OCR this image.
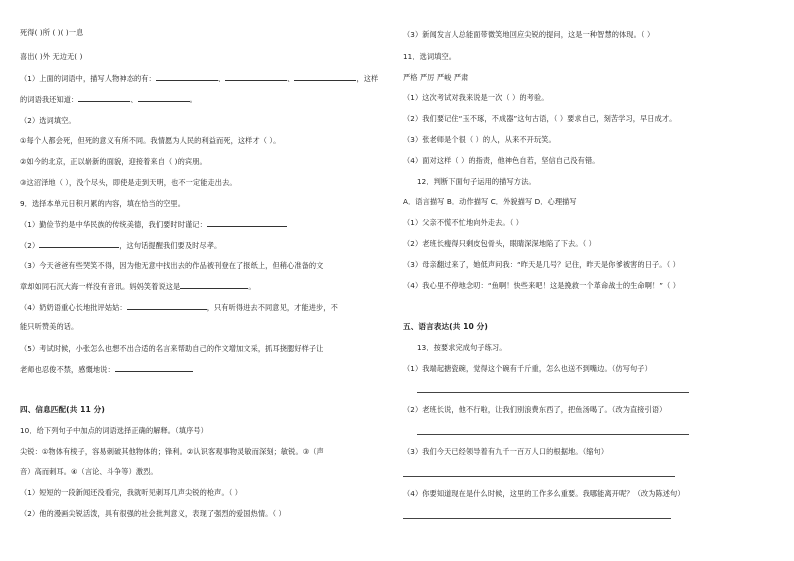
死得( )所 ( )( )一息
喜出( )外 无边无( )
（1）上面的词语中，描写人物神态的有：	、	、	，这样
的词语我还知道：	、	。
（2）选词填空。
①每个人都会死，但死的意义有所不同。我情愿为人民的利益而死，这样才（ ）。
②如今的北京，正以崭新的面貌，迎接着来自（ )的宾朋。
③这沼泽地（ ），没个尽头，即使是走到天明，也不一定能走出去。
9．选择本单元日积月累的内容，填在恰当的空里。
（1）勤俭节约是中华民族的传统美德，我们要时时谨记：
（2）	，这句话提醒我们要及时尽孝。
（3）今天爸爸有些哭笑不得，因为他无意中找出去的作品被刊登在了报纸上，但稍心准备的文
章却如同石沉大海一样没有音讯。妈妈笑着说这是	。
（4）奶奶语重心长地批评姑姑：	，只有听得进去不同意见，才能进步，不
能只听赞美的话。
（5）考试时候，小张怎么也想不出合适的名言来帮助自己的作文增加文采，抓耳挠腮好样子让
老师也忍俊不禁，感慨地说：
四、信息匹配(共 11 分)
10．给下列句子中加点的词语选择正确的解释。（填序号）
尖锐：①物体有棱子，容易刺破其他物体的；锋利。②认识客观事物灵敏而深刻；敏锐。③（声
音）高而刺耳。④（言论、斗争等）激烈。
（1）短短的一段新闻还没看完，我就听见刺耳几声尖锐的枪声。（ ）
（2）他的漫画尖锐活泼，具有很强的社会批判意义，表现了强烈的爱国热情。（ ）
（3）新闻发言人总能面带微笑地回应尖锐的提问，这是一种智慧的体现。（ ）
11．选词填空。
严格 严厉 严峻 严肃
（1）这次考试对我来说是一次（ ）的考验。
（2）我们要记住“玉不琢，不成器”这句古语，（ ）要求自己，刻苦学习，早日成才。
（3）张老师是个很（ ）的人，从来不开玩笑。
（4）面对这样（ ）的指责，他神色自若，坚信自己没有错。
12．判断下面句子运用的描写方法。
A．语言描写 B．动作描写 C．外貌描写 D．心理描写
（1）父亲不慌不忙地向外走去。（ ）
（2）老班长瘦得只剩皮包骨头，眼睛深深地陷了下去。（ ）
（3）母亲翻过来了，她低声问我：“昨天是几号？记住，昨天是你爹被害的日子。（ ）
（4）我心里不停地念叨：“鱼啊！快些来吧！这是挽救一个革命战士的生命啊！”（ ）
五、语言表达(共 10 分)
13．按要求完成句子练习。
（1）我端起搪瓷碗，觉得这个碗有千斤重，怎么也送不到嘴边。（仿写句子）
（2）老班长说，他不行啦，让我们别浪费东西了，把鱼汤喝了。（改为直接引语）
（3）我们今天已经领导着有九千一百万人口的根据地。（缩句）
（4）你要知道现在是什么时候，这里的工作多么重要。我哪能离开呢？（改为陈述句）
